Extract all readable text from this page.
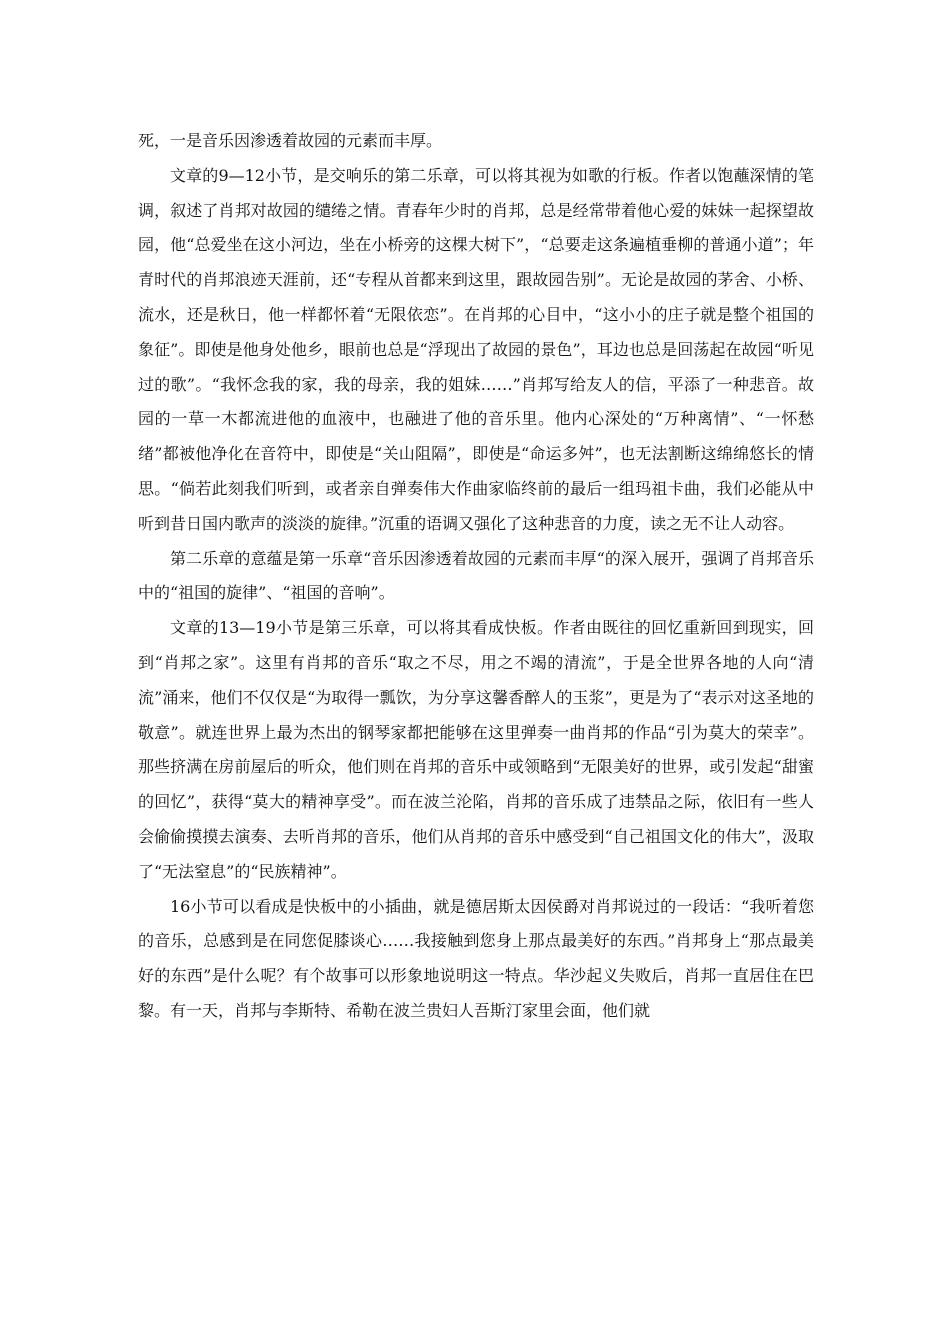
死，一是音乐因渗透着故园的元素而丰厚。

文章的9—12小节，是交响乐的第二乐章，可以将其视为如歌的行板。作者以饱蘸深情的笔调，叙述了肖邦对故园的缱绻之情。青春年少时的肖邦，总是经常带着他心爱的妹妹一起探望故园，他“总爱坐在这小河边，坐在小桥旁的这棵大树下”，“总要走这条遍植垂柳的普通小道”；年青时代的肖邦浪迹天涯前，还“专程从首都来到这里，跟故园告别”。无论是故园的茅舍、小桥、流水，还是秋日，他一样都怀着“无限依恋”。在肖邦的心目中，“这小小的庄子就是整个祖国的象征”。即使是他身处他乡，眼前也总是“浮现出了故园的景色”，耳边也总是回荡起在故园“听见过的歌”。“我怀念我的家，我的母亲，我的姐妹……”肖邦写给友人的信，平添了一种悲音。故园的一草一木都流进他的血液中，也融进了他的音乐里。他内心深处的“万种离情”、“一怀愁绪”都被他净化在音符中，即使是“关山阻隔”，即使是“命运多舛”，也无法割断这绵绵悠长的情思。“倘若此刻我们听到，或者亲自弹奏伟大作曲家临终前的最后一组玛祖卡曲，我们必能从中听到昔日国内歌声的淡淡的旋律。”沉重的语调又强化了这种悲音的力度，读之无不让人动容。

第二乐章的意蕴是第一乐章“音乐因渗透着故园的元素而丰厚“的深入展开，强调了肖邦音乐中的“祖国的旋律”、“祖国的音响”。

文章的13—19小节是第三乐章，可以将其看成快板。作者由既往的回忆重新回到现实，回到“肖邦之家”。这里有肖邦的音乐“取之不尽，用之不竭的清流”，于是全世界各地的人向“清流”涌来，他们不仅仅是“为取得一瓢饮，为分享这馨香醉人的玉浆”，更是为了“表示对这圣地的敬意”。就连世界上最为杰出的钢琴家都把能够在这里弹奏一曲肖邦的作品“引为莫大的荣幸”。那些挤满在房前屋后的听众，他们则在肖邦的音乐中或领略到“无限美好的世界，或引发起“甜蜜的回忆”，获得“莫大的精神享受”。而在波兰沦陷，肖邦的音乐成了违禁品之际，依旧有一些人会偷偷摸摸去演奏、去听肖邦的音乐，他们从肖邦的音乐中感受到“自己祖国文化的伟大”，汲取了“无法窒息”的“民族精神”。

16小节可以看成是快板中的小插曲，就是德居斯太因侯爵对肖邦说过的一段话：“我听着您的音乐，总感到是在同您促膝谈心……我接触到您身上那点最美好的东西。”肖邦身上“那点最美好的东西”是什么呢？有个故事可以形象地说明这一特点。华沙起义失败后，肖邦一直居住在巴黎。有一天，肖邦与李斯特、希勒在波兰贵妇人吾斯汀家里会面，他们就
